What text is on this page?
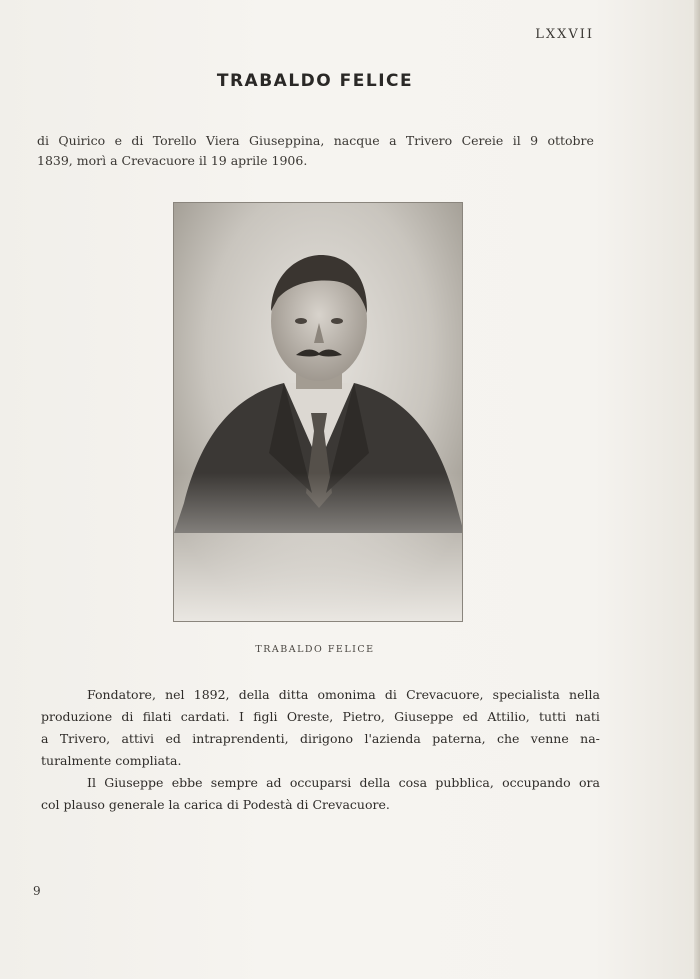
LXXVII
TRABALDO FELICE
di Quirico e di Torello Viera Giuseppina, nacque a Trivero Cereie il 9 ottobre
1839, morì a Crevacuore il 19 aprile 1906.
TRABALDO FELICE
Fondatore, nel 1892, della ditta omonima di Crevacuore, specialista nella
produzione di filati cardati. I figli Oreste, Pietro, Giuseppe ed Attilio, tutti nati
a Trivero, attivi ed intraprendenti, dirigono l'azienda paterna, che venne na-
turalmente compliata.
Il Giuseppe ebbe sempre ad occuparsi della cosa pubblica, occupando ora
col plauso generale la carica di Podestà di Crevacuore.
9
